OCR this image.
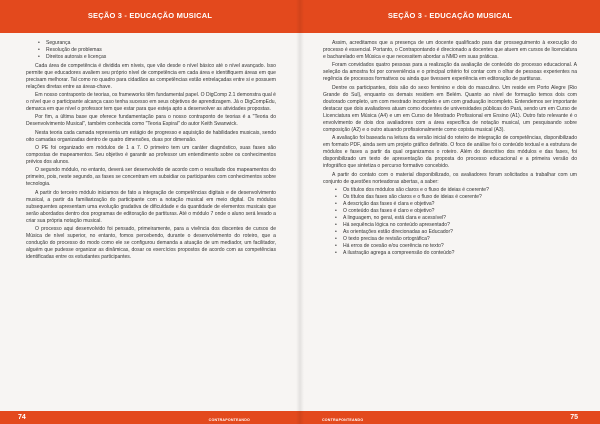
SEÇÃO 3 - EDUCAÇÃO MUSICAL
• Segurança
• Resolução de problemas
• Direitos autorais e licenças

Cada área de competência é dividida em níveis, que vão desde o nível básico até o nível avançado. Isso permite que educadores avaliem seu próprio nível de competência em cada área e identifiquem áreas em que precisam melhorar. Tal como no quadro para cidadãos as competências estão entrelaçadas entre si e possuem relações diretas entre as áreas-chave.

Em nosso contraponto de teorias, os frameworks têm fundamental papel. O DigComp 2.1 demonstra qual é o nível que o participante alcança caso tenha sucesso em seus objetivos de aprendizagem. Já o DigCompEdu, demarca em que nível o professor tem que estar para que esteja apto a desenvolver as atividades propostas.

Por fim, a última base que oferece fundamentação para o nosso contraponto de teorias é a "Teoria do Desenvolvimento Musical", também conhecida como "Teoria Espiral" do autor Keith Swanwick.

Nesta teoria cada camada representa um estágio de progresso e aquisição de habilidades musicais, sendo oito camadas organizadas dentro de quatro dimensões, duas por dimensão.

O PE foi organizado em módulos de 1 a 7. O primeiro tem um caráter diagnóstico, suas fases são compostas de mapeamentos. Seu objetivo é garantir ao professor um entendimento sobre os conhecimentos prévios dos alunos.

O segundo módulo, no entanto, deverá ser desenvolvido de acordo com o resultado dos mapeamentos do primeiro, pois, neste segundo, as fases se concentram em subsidiar os participantes com conhecimentos sobre tecnologia.

A partir do terceiro módulo iniciamos de fato a integração de competências digitais e de desenvolvimento musical, a partir da familiarização do participante com a notação musical em meio digital. Os módulos subsequentes apresentam uma evolução gradativa de dificuldade e da quantidade de elementos musicais que serão abordados dentro dos programas de editoração de partituras. Até o módulo 7 onde o aluno será levado a criar sua própria notação musical.

O processo aqui desenvolvido foi pensado, primeiramente, para a vivência dos discentes de cursos de Música de nível superior, no entanto, fomos percebendo, durante o desenvolvimento do roteiro, que a condução do processo do modo como ele se configurou demanda a atuação de um mediador, um facilitador, alguém que pudesse organizar as dinâmicas, dosar os exercícios propostos de acordo com as competências identificadas entre os estudantes participantes.

74	CONTRAPONTEANDO
SEÇÃO 3 - EDUCAÇÃO MUSICAL

Assim, acreditamos que a presença de um docente qualificado para dar prosseguimento à execução do processo é essencial. Portanto, o Contrapontando é direcionado a docentes que atuem em cursos de licenciatura e bacharelado em Música e que necessitem abordar a NMD em suas práticas.

Foram convidados quatro pessoas para a realização da avaliação de conteúdo do processo educacional. A seleção da amostra foi por conveniência e o principal critério foi contar com o olhar de pessoas experientes na regência de processos formativos ou ainda que tivessem experiência em editoração de partituras.

Dentre os participantes, dois são do sexo feminino e dois do masculino. Um reside em Porto Alegre (Rio Grande do Sul), enquanto os demais residem em Belém. Quanto ao nível de formação temos dois com doutorado completo, um com mestrado incompleto e um com graduação incompleto. Entendemos ser importante destacar que dois avaliadores atuam como docentes de universidades públicas do Pará, sendo um em Curso de Licenciatura em Música (A4) e um em Curso de Mestrado Profissional em Ensino (A1). Outro fato relevante é o envolvimento de dois dos avaliadores com a área específica de notação musical, um pesquisando sobre composição (A2) e o outro atuando profissionalmente como copista musical (A3).

A avaliação foi baseada na leitura da versão inicial do roteiro de integração de competências, disponibilizado em formato PDF, ainda sem um projeto gráfico definido. O foco de análise foi o conteúdo textual e a estrutura de módulos e fases a partir da qual organizamos o roteiro. Além do descritivo dos módulos e das fases, foi disponibilizado um texto de apresentação da proposta do processo educacional e a primeira versão do infográfico que sintetiza o percurso formativo concebido.

A partir do contato com o material disponibilizado, os avaliadores foram solicitados a trabalhar com um conjunto de questões norteadoras abertas, a saber:

• Os títulos dos módulos são claros e o fluxo de ideias é coerente?
• Os títulos das fases são claros e o fluxo de ideias é coerente?
• A descrição das fases é clara e objetiva?
• O conteúdo das fases é claro e objetivo?
• A linguagem, no geral, está clara e acessível?
• Há sequência lógica no conteúdo apresentado?
• As orientações estão direcionadas ao Educador?
• O texto precisa de revisão ortográfica?
• Há erros de coesão e/ou coerência no texto?
• A ilustração agrega a compreensão do conteúdo?
75
CONTRAPONTEANDO
